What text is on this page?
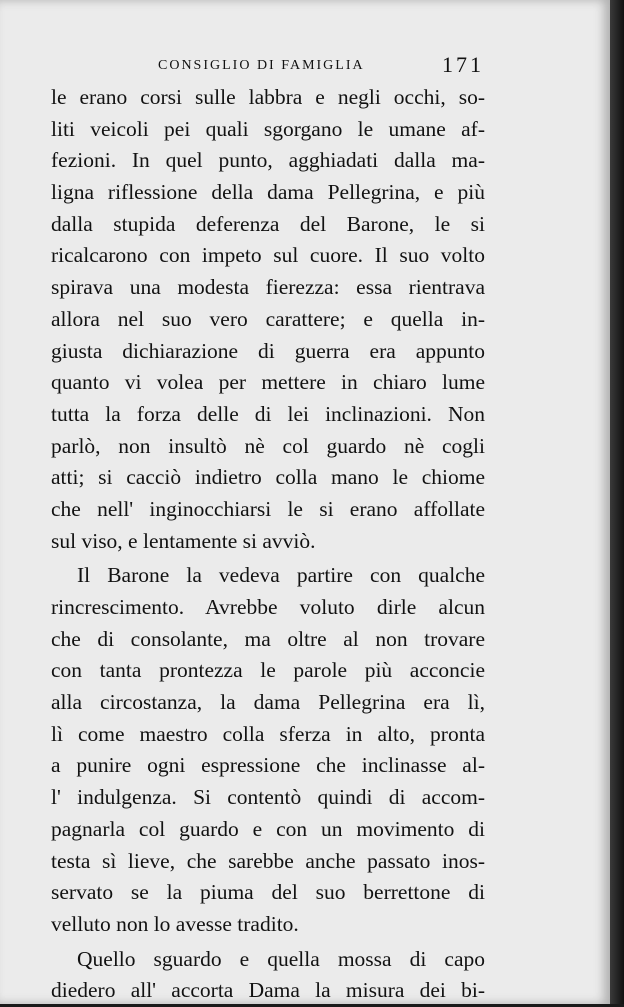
CONSIGLIO DI FAMIGLIA	171
le erano corsi sulle labbra e negli occhi, so-
liti veicoli pei quali sgorgano le umane af-
fezioni. In quel punto, agghiadati dalla ma-
ligna riflessione della dama Pellegrina, e più
dalla stupida deferenza del Barone, le si
ricalcarono con impeto sul cuore. Il suo volto
spirava una modesta fierezza: essa rientrava
allora nel suo vero carattere; e quella in-
giusta dichiarazione di guerra era appunto
quanto vi volea per mettere in chiaro lume
tutta la forza delle di lei inclinazioni. Non
parlò, non insultò nè col guardo nè cogli
atti; si cacciò indietro colla mano le chiome
che nell' inginocchiarsi le si erano affollate
sul viso, e lentamente si avviò.
Il Barone la vedeva partire con qualche
rincrescimento. Avrebbe voluto dirle alcun
che di consolante, ma oltre al non trovare
con tanta prontezza le parole più acconcie
alla circostanza, la dama Pellegrina era lì,
lì come maestro colla sferza in alto, pronta
a punire ogni espressione che inclinasse al-
l' indulgenza. Si contentò quindi di accom-
pagnarla col guardo e con un movimento di
testa sì lieve, che sarebbe anche passato inos-
servato se la piuma del suo berrettone di
velluto non lo avesse tradito.
Quello sguardo e quella mossa di capo
diedero all' accorta Dama la misura dei bi-
